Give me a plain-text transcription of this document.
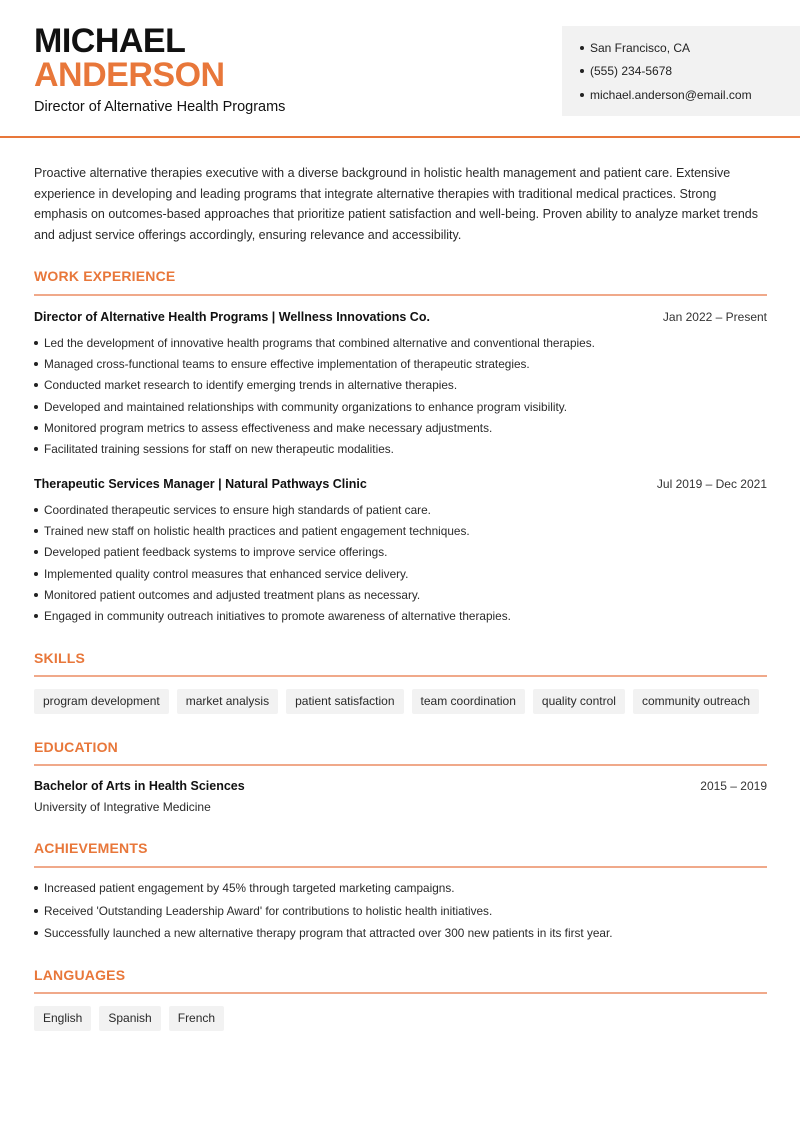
MICHAEL
ANDERSON
Director of Alternative Health Programs
San Francisco, CA
(555) 234-5678
michael.anderson@email.com

Proactive alternative therapies executive with a diverse background in holistic health management and patient care. Extensive experience in developing and leading programs that integrate alternative therapies with traditional medical practices. Strong emphasis on outcomes-based approaches that prioritize patient satisfaction and well-being. Proven ability to analyze market trends and adjust service offerings accordingly, ensuring relevance and accessibility.

WORK EXPERIENCE
Director of Alternative Health Programs | Wellness Innovations Co.	Jan 2022 – Present
Led the development of innovative health programs that combined alternative and conventional therapies.
Managed cross-functional teams to ensure effective implementation of therapeutic strategies.
Conducted market research to identify emerging trends in alternative therapies.
Developed and maintained relationships with community organizations to enhance program visibility.
Monitored program metrics to assess effectiveness and make necessary adjustments.
Facilitated training sessions for staff on new therapeutic modalities.
Therapeutic Services Manager | Natural Pathways Clinic	Jul 2019 – Dec 2021
Coordinated therapeutic services to ensure high standards of patient care.
Trained new staff on holistic health practices and patient engagement techniques.
Developed patient feedback systems to improve service offerings.
Implemented quality control measures that enhanced service delivery.
Monitored patient outcomes and adjusted treatment plans as necessary.
Engaged in community outreach initiatives to promote awareness of alternative therapies.
SKILLS
program development	market analysis	patient satisfaction	team coordination	quality control	community outreach
EDUCATION
Bachelor of Arts in Health Sciences	2015 – 2019
University of Integrative Medicine
ACHIEVEMENTS
Increased patient engagement by 45% through targeted marketing campaigns.
Received 'Outstanding Leadership Award' for contributions to holistic health initiatives.
Successfully launched a new alternative therapy program that attracted over 300 new patients in its first year.
LANGUAGES
English	Spanish	French
